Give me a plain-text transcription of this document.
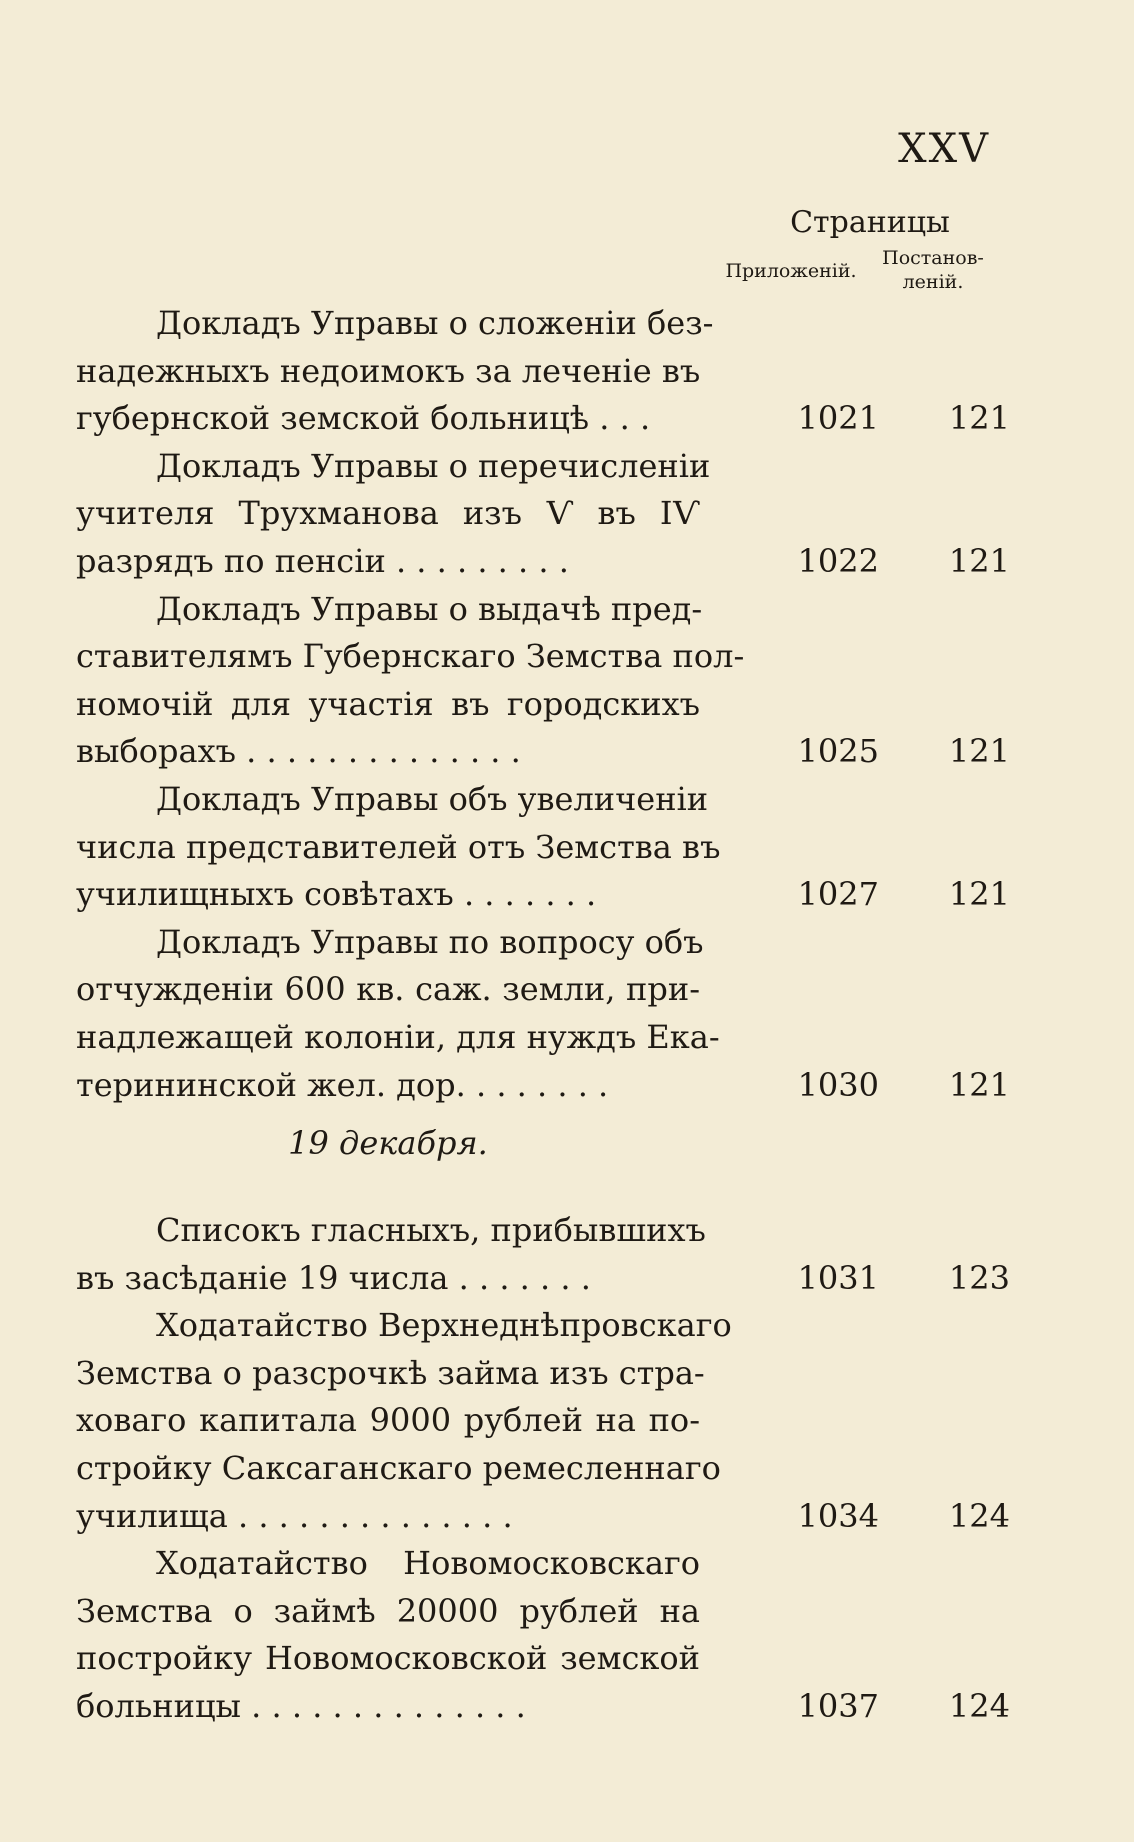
XXV
Страницы
Приложеній.
Постанов-
леній.
Докладъ Управы о сложеніи без-
надежныхъ недоимокъ за леченіе въ
губернской земской больницѣ . . .	1021 121
Докладъ Управы о перечисленіи
учителя Трухманова изъ Ѵ въ IѴ
разрядъ по пенсіи . . . . . . . . .	1022 121
Докладъ Управы о выдачѣ пред-
ставителямъ Губернскаго Земства пол-
номочій для участія въ городскихъ
выборахъ . . . . . . . . . . . . . .	1025 121
Докладъ Управы объ увеличеніи
числа представителей отъ Земства въ
училищныхъ совѣтахъ . . . . . . .	1027 121
Докладъ Управы по вопросу объ
отчужденіи 600 кв. саж. земли, при-
надлежащей колоніи, для нуждъ Ека-
терининской жел. дор. . . . . . . .	1030 121
19 декабря.
Списокъ гласныхъ, прибывшихъ
въ засѣданіе 19 числа . . . . . . .	1031 123
Ходатайство Верхнеднѣпровскаго
Земства о разсрочкѣ займа изъ стра-
ховаго капитала 9000 рублей на по-
стройку Саксаганскаго ремесленнаго
училища . . . . . . . . . . . . . .	1034 124
Ходатайство Новомосковскаго
Земства о займѣ 20000 рублей на
постройку Новомосковской земской
больницы . . . . . . . . . . . . . .	1037 124
